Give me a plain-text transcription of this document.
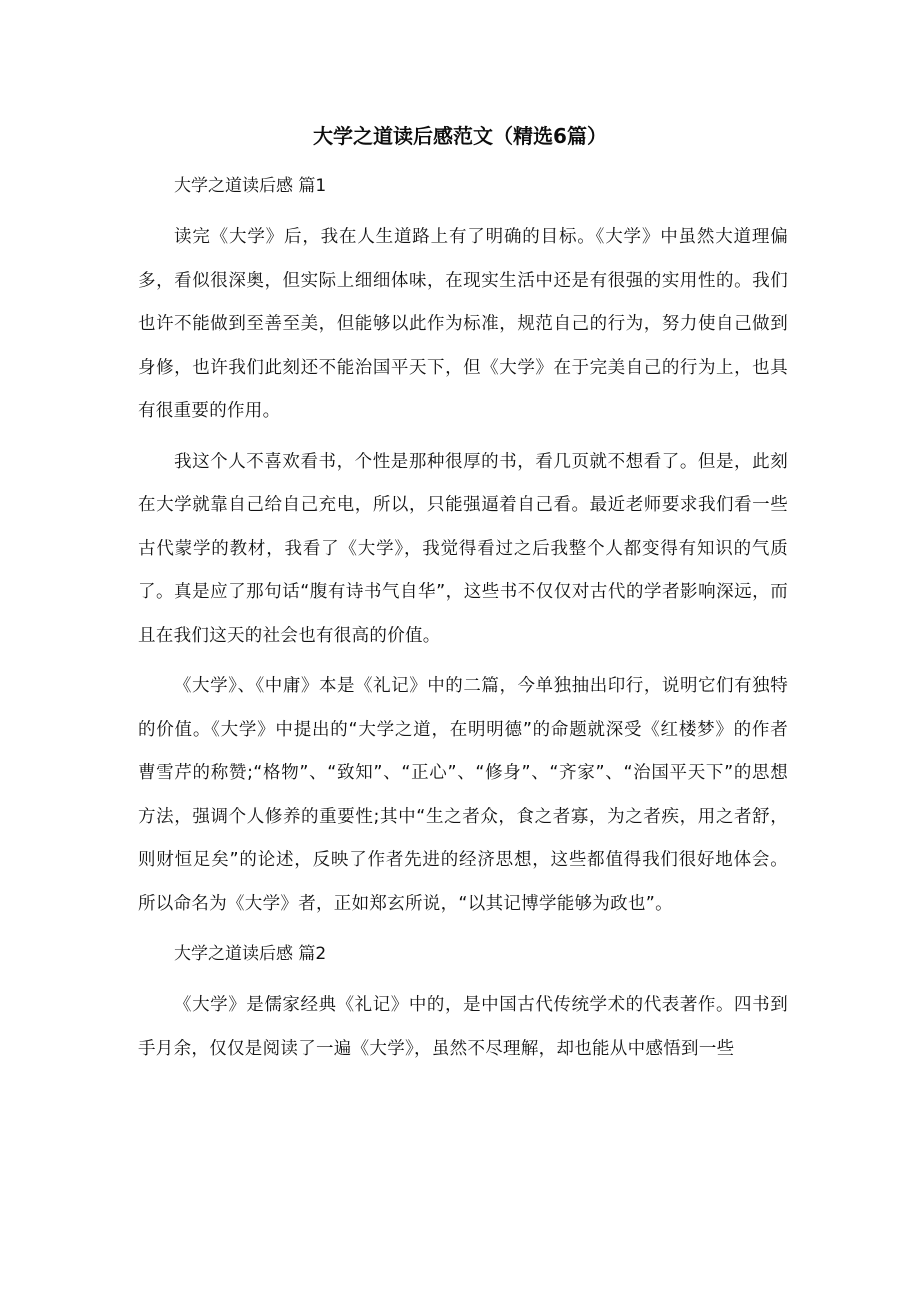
大学之道读后感范文（精选6篇）
大学之道读后感 篇1

读完《大学》后，我在人生道路上有了明确的目标。《大学》中虽然大道理偏多，看似很深奥，但实际上细细体味，在现实生活中还是有很强的实用性的。我们也许不能做到至善至美，但能够以此作为标准，规范自己的行为，努力使自己做到身修，也许我们此刻还不能治国平天下，但《大学》在于完美自己的行为上，也具有很重要的作用。

我这个人不喜欢看书，个性是那种很厚的书，看几页就不想看了。但是，此刻在大学就靠自己给自己充电，所以，只能强逼着自己看。最近老师要求我们看一些古代蒙学的教材，我看了《大学》，我觉得看过之后我整个人都变得有知识的气质了。真是应了那句话“腹有诗书气自华”，这些书不仅仅对古代的学者影响深远，而且在我们这天的社会也有很高的价值。

《大学》、《中庸》本是《礼记》中的二篇，今单独抽出印行，说明它们有独特的价值。《大学》中提出的“大学之道，在明明德”的命题就深受《红楼梦》的作者曹雪芹的称赞;“格物”、“致知”、“正心”、“修身”、“齐家”、“治国平天下”的思想方法，强调个人修养的重要性;其中“生之者众，食之者寡，为之者疾，用之者舒，则财恒足矣”的论述，反映了作者先进的经济思想，这些都值得我们很好地体会。所以命名为《大学》者，正如郑玄所说，“以其记博学能够为政也”。

大学之道读后感 篇2

《大学》是儒家经典《礼记》中的，是中国古代传统学术的代表著作。四书到手月余，仅仅是阅读了一遍《大学》，虽然不尽理解，却也能从中感悟到一些
